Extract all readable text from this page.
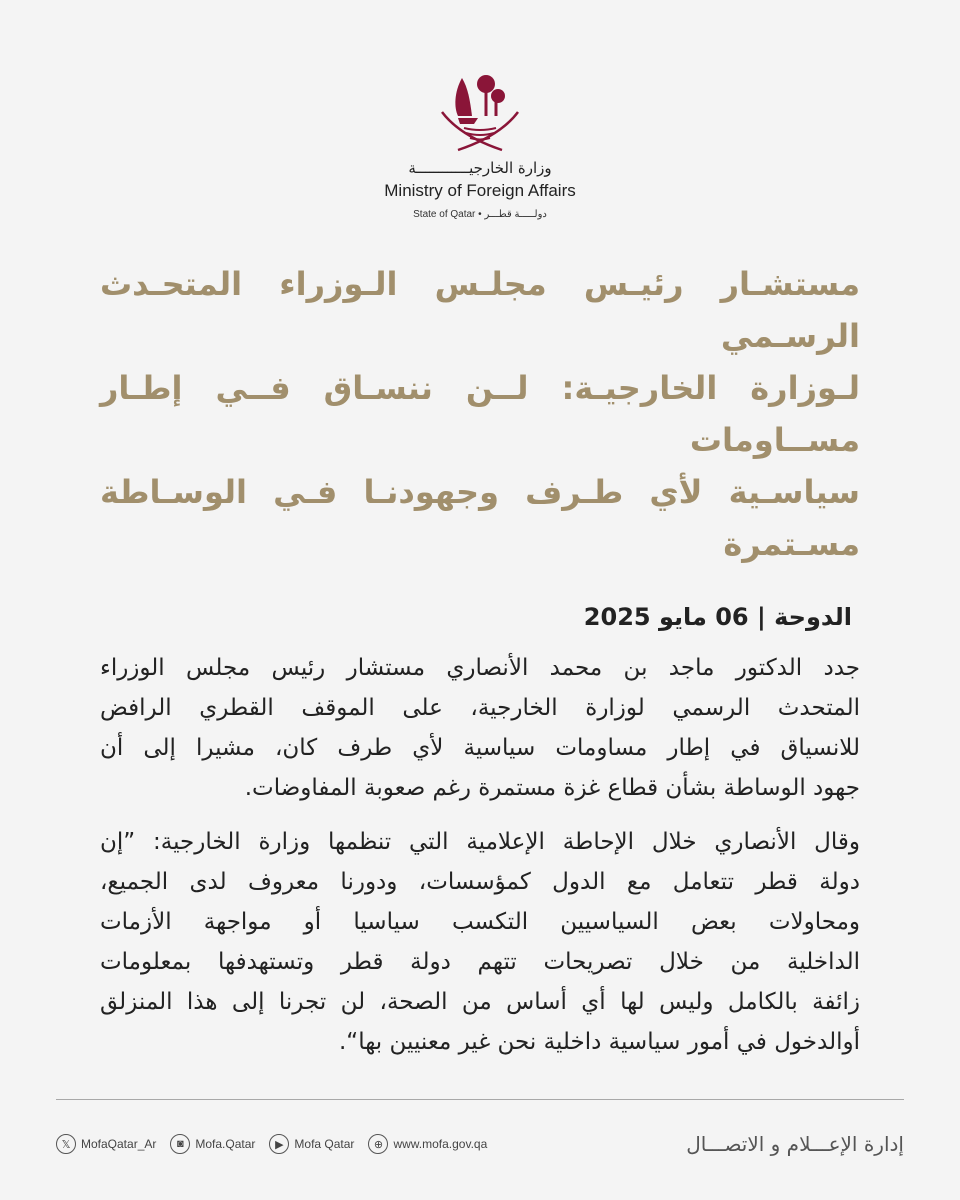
وزارة الخارجيــــــــــــة
Ministry of Foreign Affairs
State of Qatar • دولـــــة قطـــر
مستشـار رئيـس مجلـس الـوزراء المتحـدث الرسـمي
لـوزارة الخارجيـة: لــن ننسـاق فــي إطـار مســاومات
سياسـية لأي طـرف وجهودنـا فـي الوسـاطة مسـتمرة
الدوحة | 06 مايو 2025
جدد الدكتور ماجد بن محمد الأنصاري مستشار رئيس مجلس الوزراء
المتحدث الرسمي لوزارة الخارجية، على الموقف القطري الرافض
للانسياق في إطار مساومات سياسية لأي طرف كان، مشيرا إلى أن
جهود الوساطة بشأن قطاع غزة مستمرة رغم صعوبة المفاوضات.
وقال الأنصاري خلال الإحاطة الإعلامية التي تنظمها وزارة الخارجية: ”إن
دولة قطر تتعامل مع الدول كمؤسسات، ودورنا معروف لدى الجميع،
ومحاولات بعض السياسيين التكسب سياسيا أو مواجهة الأزمات
الداخلية من خلال تصريحات تتهم دولة قطر وتستهدفها بمعلومات
زائفة بالكامل وليس لها أي أساس من الصحة، لن تجرنا إلى هذا المنزلق
أوالدخول في أمور سياسية داخلية نحن غير معنيين بها“.
𝕏 MofaQatar_Ar	◙ Mofa.Qatar	▶ Mofa Qatar	⊕ www.mofa.gov.qa	إدارة الإعـــلام و الاتصـــال
